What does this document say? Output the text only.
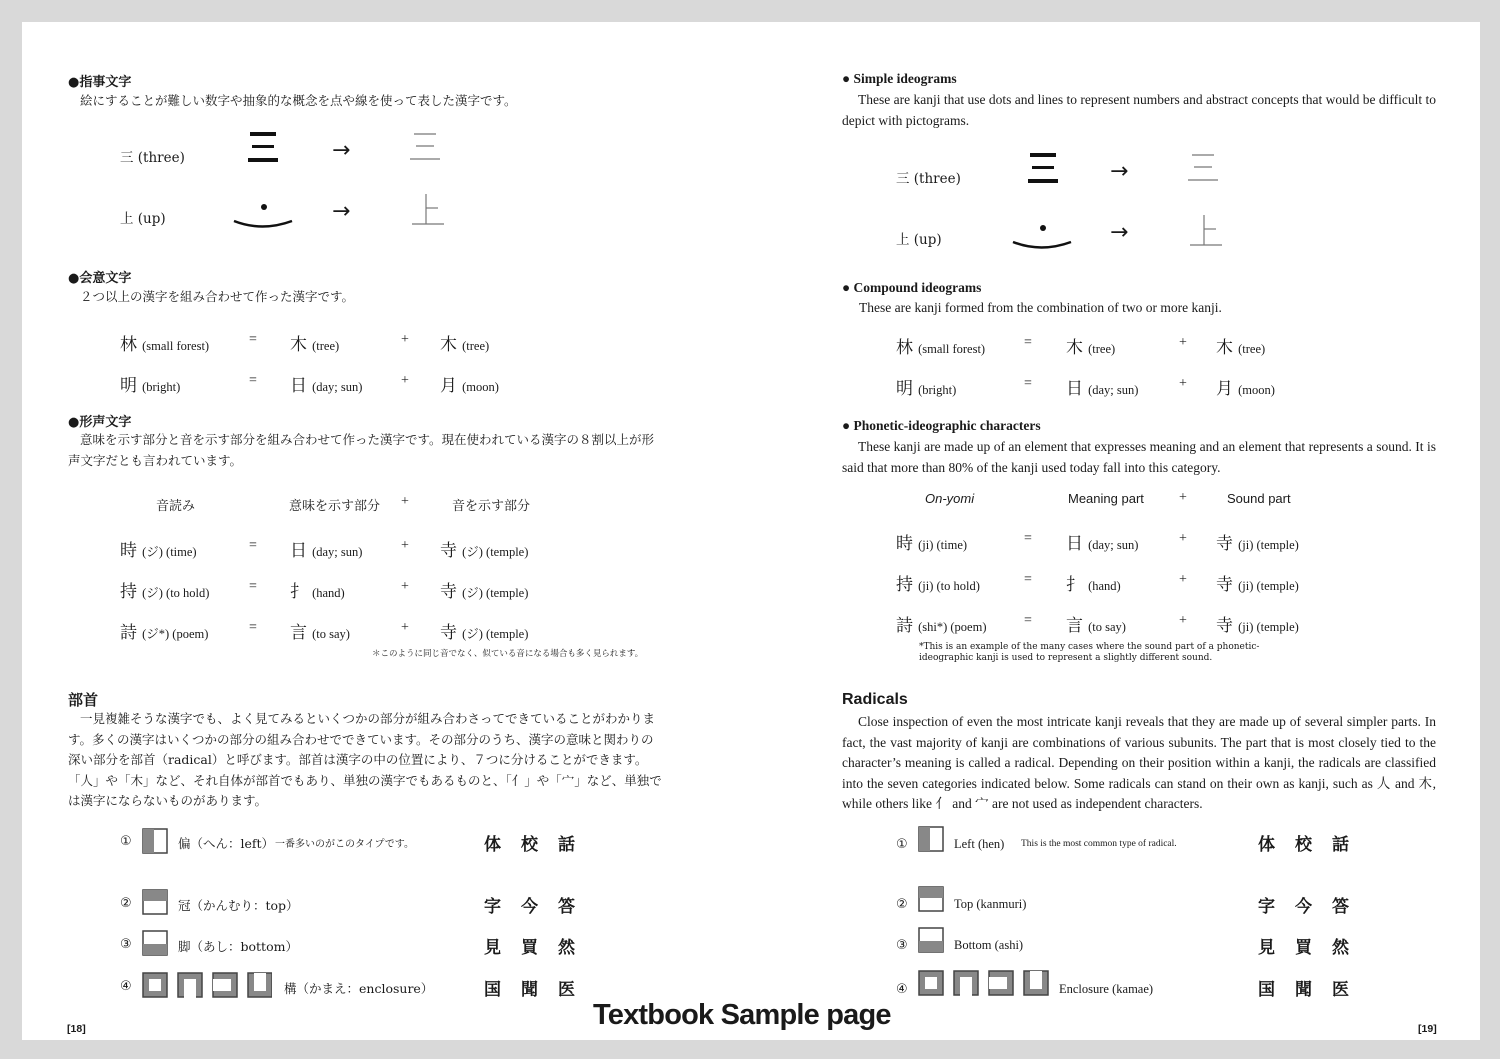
●指事文字
絵にすることが難しい数字や抽象的な概念を点や線を使って表した漢字です。
三 (three)	→
上 (up)	→
●会意文字
２つ以上の漢字を組み合わせて作った漢字です。
林 (small forest)	= 木 (tree)	+ 木 (tree)
明 (bright)	= 日 (day; sun)	+ 月 (moon)
●形声文字
意味を示す部分と音を示す部分を組み合わせて作った漢字です。現在使われている漢字の８割以上が形声文字だとも言われています。
音読み	意味を示す部分 +	音を示す部分
時 (ジ) (time)	= 日 (day; sun)	+ 寺 (ジ) (temple)
持 (ジ) (to hold)	= 扌 (hand)	+ 寺 (ジ) (temple)
詩 (ジ*) (poem)	= 言 (to say)	+ 寺 (ジ) (temple)
＊このように同じ音でなく、似ている音になる場合も多く見られます。
部首
一見複雑そうな漢字でも、よく見てみるといくつかの部分が組み合わさってできていることがわかります。多くの漢字はいくつかの部分の組み合わせでできています。その部分のうち、漢字の意味と関わりの深い部分を部首（radical）と呼びます。部首は漢字の中の位置により、７つに分けることができます。「人」や「木」など、それ自体が部首でもあり、単独の漢字でもあるものと、「亻」や「宀」など、単独では漢字にならないものがあります。
①	偏（へん：left） 一番多いのがこのタイプです。	体校話
②	冠（かんむり：top）	字今答
③	脚（あし：bottom）	見買然
④	構（かまえ：enclosure）	国聞医
[18]
● Simple ideograms
These are kanji that use dots and lines to represent numbers and abstract concepts that would be difficult to depict with pictograms.
三 (three)	→
上 (up)	→
● Compound ideograms
These are kanji formed from the combination of two or more kanji.
林 (small forest)	= 木 (tree)	+ 木 (tree)
明 (bright)	= 日 (day; sun)	+ 月 (moon)
● Phonetic-ideographic characters
These kanji are made up of an element that expresses meaning and an element that represents a sound. It is said that more than 80% of the kanji used today fall into this category.
On-yomi	Meaning part	+	Sound part
時 (ji) (time)	= 日 (day; sun)	+ 寺 (ji) (temple)
持 (ji) (to hold)	= 扌 (hand)	+ 寺 (ji) (temple)
詩 (shi*) (poem)	= 言 (to say)	+ 寺 (ji) (temple)
*This is an example of the many cases where the sound part of a phonetic-ideographic kanji is used to represent a slightly different sound.
Radicals
Close inspection of even the most intricate kanji reveals that they are made up of several simpler parts. In fact, the vast majority of kanji are combinations of various subunits. The part that is most closely tied to the character’s meaning is called a radical. Depending on their position within a kanji, the radicals are classified into the seven categories indicated below. Some radicals can stand on their own as kanji, such as 人 and 木, while others like 亻 and 宀 are not used as independent characters.
①	Left (hen) This is the most common type of radical.	体校話
②	Top (kanmuri)	字今答
③	Bottom (ashi)	見買然
④	Enclosure (kamae)	国聞医
[19]
Textbook Sample page
